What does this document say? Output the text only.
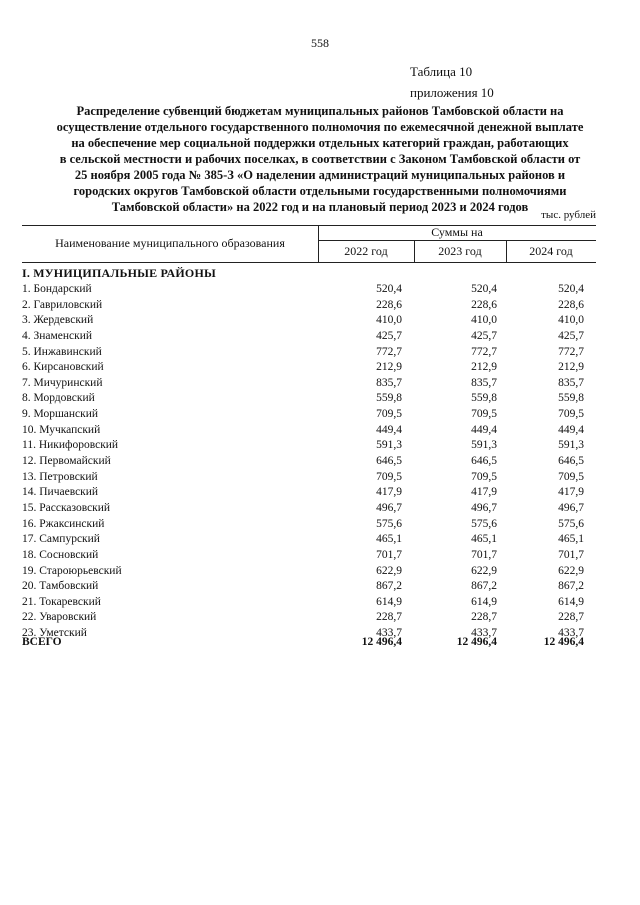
558
Таблица 10
приложения 10
Распределение субвенций бюджетам муниципальных районов Тамбовской области на
осуществление отдельного государственного полномочия по ежемесячной денежной выплате
на обеспечение мер социальной поддержки отдельных категорий граждан, работающих
в сельской местности и рабочих поселках, в соответствии с Законом Тамбовской области от
25 ноября 2005 года № 385-З «О наделении администраций муниципальных районов и
городских округов Тамбовской области отдельными государственными полномочиями
Тамбовской области» на 2022 год и на плановый период 2023 и 2024 годов
тыс. рублей
Наименование муниципального образования
Суммы на
2022 год	2023 год	2024 год
I. МУНИЦИПАЛЬНЫЕ РАЙОНЫ
1. Бондарский	520,4	520,4	520,4
2. Гавриловский	228,6	228,6	228,6
3. Жердевский	410,0	410,0	410,0
4. Знаменский	425,7	425,7	425,7
5. Инжавинский	772,7	772,7	772,7
6. Кирсановский	212,9	212,9	212,9
7. Мичуринский	835,7	835,7	835,7
8. Мордовский	559,8	559,8	559,8
9. Моршанский	709,5	709,5	709,5
10. Мучкапский	449,4	449,4	449,4
11. Никифоровский	591,3	591,3	591,3
12. Первомайский	646,5	646,5	646,5
13. Петровский	709,5	709,5	709,5
14. Пичаевский	417,9	417,9	417,9
15. Рассказовский	496,7	496,7	496,7
16. Ржаксинский	575,6	575,6	575,6
17. Сампурский	465,1	465,1	465,1
18. Сосновский	701,7	701,7	701,7
19. Староюрьевский	622,9	622,9	622,9
20. Тамбовский	867,2	867,2	867,2
21. Токаревский	614,9	614,9	614,9
22. Уваровский	228,7	228,7	228,7
23. Уметский	433,7	433,7	433,7
ВСЕГО	12 496,4	12 496,4	12 496,4
